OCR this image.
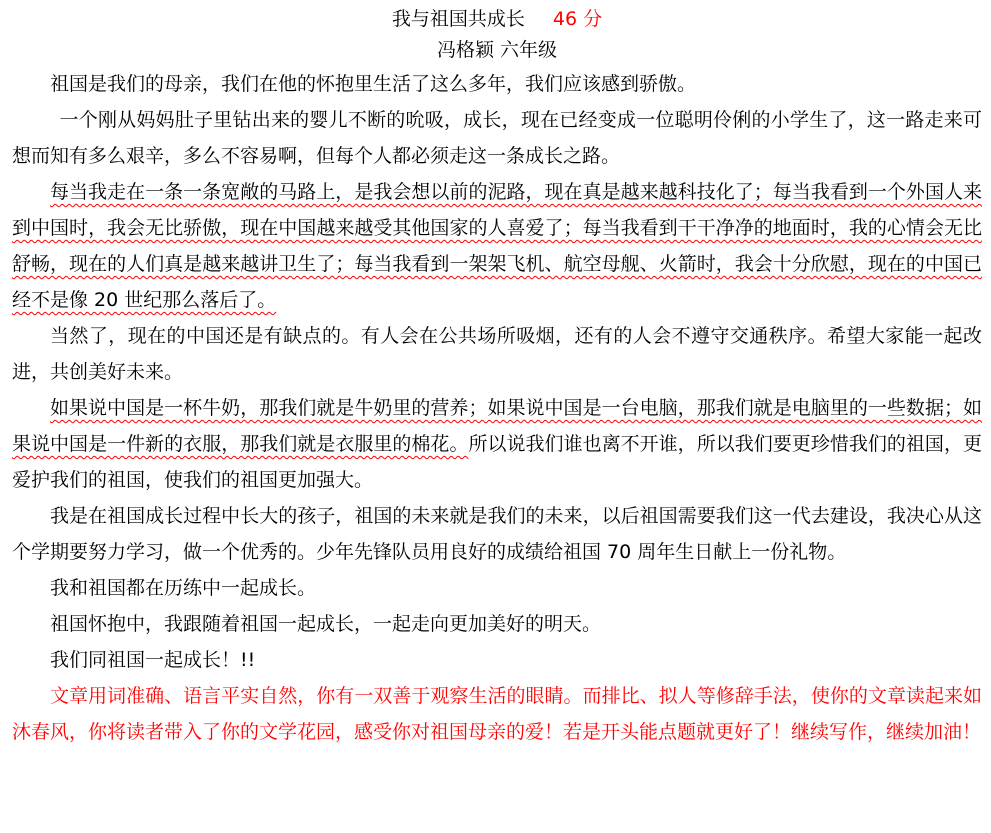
我与祖国共成长 46 分
冯格颖 六年级

祖国是我们的母亲，我们在他的怀抱里生活了这么多年，我们应该感到骄傲。

一个刚从妈妈肚子里钻出来的婴儿不断的吮吸，成长，现在已经变成一位聪明伶俐的小学生了，这一路走来可想而知有多么艰辛，多么不容易啊，但每个人都必须走这一条成长之路。

每当我走在一条一条宽敞的马路上，是我会想以前的泥路，现在真是越来越科技化了；每当我看到一个外国人来到中国时，我会无比骄傲，现在中国越来越受其他国家的人喜爱了；每当我看到干干净净的地面时，我的心情会无比舒畅，现在的人们真是越来越讲卫生了；每当我看到一架架飞机、航空母舰、火箭时，我会十分欣慰，现在的中国已经不是像 20 世纪那么落后了。

当然了，现在的中国还是有缺点的。有人会在公共场所吸烟，还有的人会不遵守交通秩序。希望大家能一起改进，共创美好未来。

如果说中国是一杯牛奶，那我们就是牛奶里的营养；如果说中国是一台电脑，那我们就是电脑里的一些数据；如果说中国是一件新的衣服，那我们就是衣服里的棉花。所以说我们谁也离不开谁，所以我们要更珍惜我们的祖国，更爱护我们的祖国，使我们的祖国更加强大。

我是在祖国成长过程中长大的孩子，祖国的未来就是我们的未来，以后祖国需要我们这一代去建设，我决心从这个学期要努力学习，做一个优秀的。少年先锋队员用良好的成绩给祖国 70 周年生日献上一份礼物。

我和祖国都在历练中一起成长。

祖国怀抱中，我跟随着祖国一起成长，一起走向更加美好的明天。

我们同祖国一起成长！!!

文章用词准确、语言平实自然，你有一双善于观察生活的眼睛。而排比、拟人等修辞手法，使你的文章读起来如沐春风，你将读者带入了你的文学花园，感受你对祖国母亲的爱！若是开头能点题就更好了！继续写作，继续加油！
